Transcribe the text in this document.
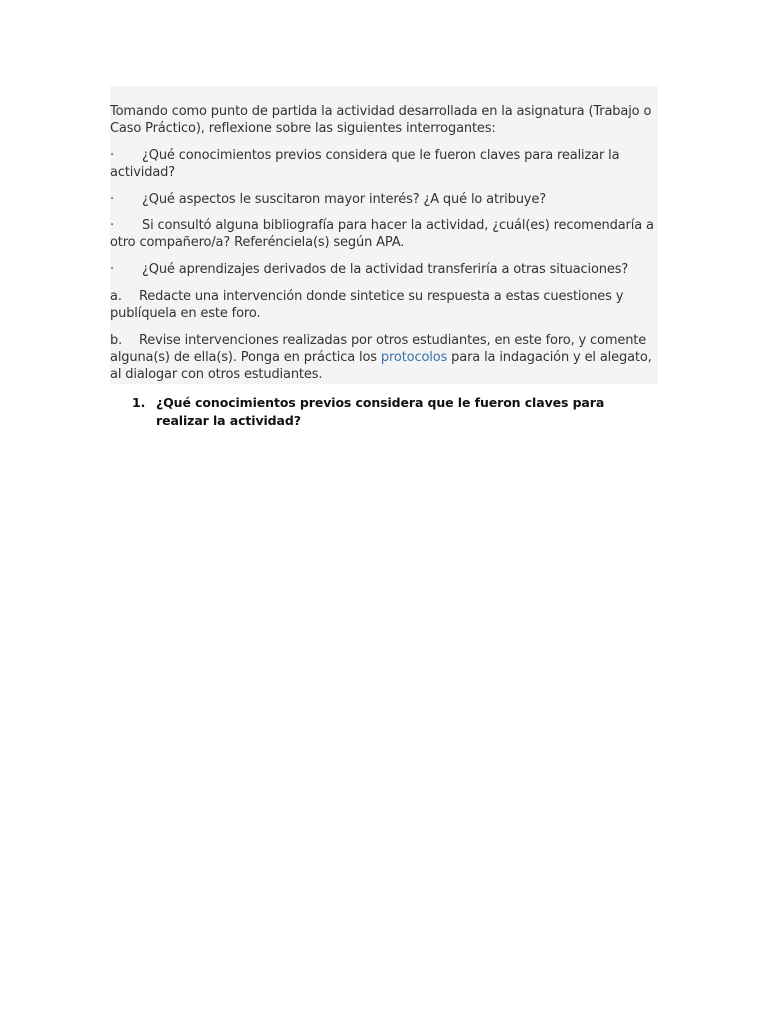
Tomando como punto de partida la actividad desarrollada en la asignatura (Trabajo o Caso Práctico), reflexione sobre las siguientes interrogantes:

· ¿Qué conocimientos previos considera que le fueron claves para realizar la actividad?

· ¿Qué aspectos le suscitaron mayor interés? ¿A qué lo atribuye?

· Si consultó alguna bibliografía para hacer la actividad, ¿cuál(es) recomendaría a otro compañero/a? Referénciela(s) según APA.

· ¿Qué aprendizajes derivados de la actividad transferiría a otras situaciones?

a. Redacte una intervención donde sintetice su respuesta a estas cuestiones y publíquela en este foro.

b. Revise intervenciones realizadas por otros estudiantes, en este foro, y comente alguna(s) de ella(s). Ponga en práctica los protocolos para la indagación y el alegato, al dialogar con otros estudiantes.

1. ¿Qué conocimientos previos considera que le fueron claves para realizar la actividad?
